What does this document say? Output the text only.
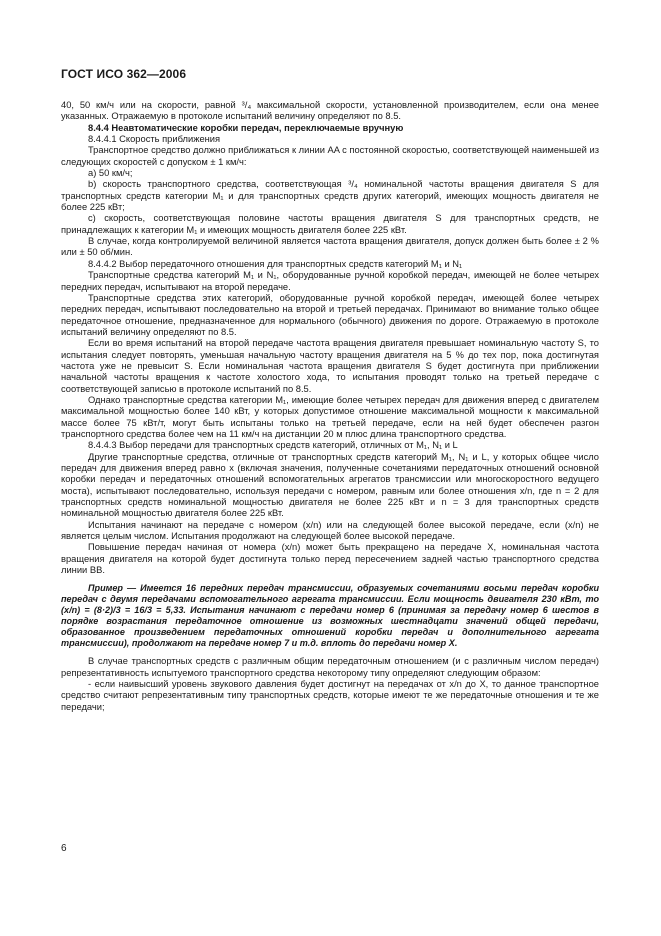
ГОСТ ИСО 362—2006

40, 50 км/ч или на скорости, равной ³/₄ максимальной скорости, установленной производителем, если она менее указанных. Отражаемую в протоколе испытаний величину определяют по 8.5.

8.4.4 Неавтоматические коробки передач, переключаемые вручную

8.4.4.1 Скорость приближения

Транспортное средство должно приближаться к линии AA с постоянной скоростью, соответствующей наименьшей из следующих скоростей с допуском ± 1 км/ч:

а) 50 км/ч;

b) скорость транспортного средства, соответствующая ³/₄ номинальной частоты вращения двигателя S для транспортных средств категории M₁ и для транспортных средств других категорий, имеющих мощность двигателя не более 225 кВт;

с) скорость, соответствующая половине частоты вращения двигателя S для транспортных средств, не принадлежащих к категории M₁ и имеющих мощность двигателя более 225 кВт.

В случае, когда контролируемой величиной является частота вращения двигателя, допуск должен быть более ± 2 % или ± 50 об/мин.

8.4.4.2 Выбор передаточного отношения для транспортных средств категорий M₁ и N₁

Транспортные средства категорий M₁ и N₁, оборудованные ручной коробкой передач, имеющей не более четырех передних передач, испытывают на второй передаче.

Транспортные средства этих категорий, оборудованные ручной коробкой передач, имеющей более четырех передних передач, испытывают последовательно на второй и третьей передачах. Принимают во внимание только общее передаточное отношение, предназначенное для нормального (обычного) движения по дороге. Отражаемую в протоколе испытаний величину определяют по 8.5.

Если во время испытаний на второй передаче частота вращения двигателя превышает номинальную частоту S, то испытания следует повторять, уменьшая начальную частоту вращения двигателя на 5 % до тех пор, пока достигнутая частота уже не превысит S. Если номинальная частота вращения двигателя S будет достигнута при приближении начальной частоты вращения к частоте холостого хода, то испытания проводят только на третьей передаче с соответствующей записью в протоколе испытаний по 8.5.

Однако транспортные средства категории M₁, имеющие более четырех передач для движения вперед с двигателем максимальной мощностью более 140 кВт, у которых допустимое отношение максимальной мощности к максимальной массе более 75 кВт/т, могут быть испытаны только на третьей передаче, если на ней будет обеспечен разгон транспортного средства более чем на 11 км/ч на дистанции 20 м плюс длина транспортного средства.

8.4.4.3 Выбор передачи для транспортных средств категорий, отличных от M₁, N₁ и L

Другие транспортные средства, отличные от транспортных средств категорий M₁, N₁ и L, у которых общее число передач для движения вперед равно x (включая значения, полученные сочетаниями передаточных отношений основной коробки передач и передаточных отношений вспомогательных агрегатов трансмиссии или многоскоростного ведущего моста), испытывают последовательно, используя передачи с номером, равным или более отношения x/n, где n = 2 для транспортных средств номинальной мощностью двигателя не более 225 кВт и n = 3 для транспортных средств номинальной мощностью двигателя более 225 кВт.

Испытания начинают на передаче с номером (x/n) или на следующей более высокой передаче, если (x/n) не является целым числом. Испытания продолжают на следующей более высокой передаче.

Повышение передач начиная от номера (x/n) может быть прекращено на передаче X, номинальная частота вращения двигателя на которой будет достигнута только перед пересечением задней частью транспортного средства линии BB.

Пример — Имеется 16 передних передач трансмиссии, образуемых сочетаниями восьми передач коробки передач с двумя передачами вспомогательного агрегата трансмиссии. Если мощность двигателя 230 кВт, то (x/n) = (8·2)/3 = 16/3 = 5,33. Испытания начинают с передачи номер 6 (принимая за передачу номер 6 шестов в порядке возрастания передаточное отношение из возможных шестнадцати значений общей передачи, образованное произведением передаточных отношений коробки передач и дополнительного агрегата трансмиссии), продолжают на передаче номер 7 и т.д. вплоть до передачи номер X.

В случае транспортных средств с различным общим передаточным отношением (и с различным числом передач) репрезентативность испытуемого транспортного средства некоторому типу определяют следующим образом:

- если наивысший уровень звукового давления будет достигнут на передачах от x/n до X, то данное транспортное средство считают репрезентативным типу транспортных средств, которые имеют те же передаточные отношения и те же передачи;

6
